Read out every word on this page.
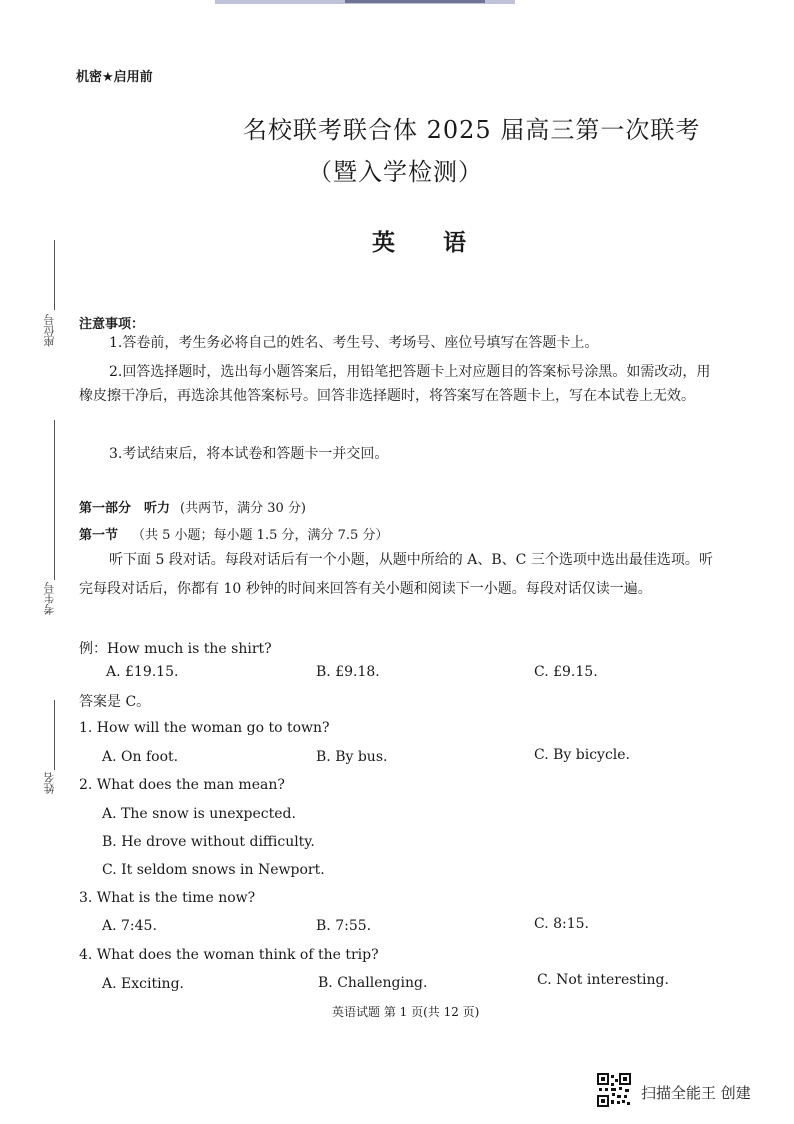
机密★启用前
名校联考联合体 2025 届高三第一次联考
（暨入学检测）
英 语
座位号
考生号
姓名
注意事项：
1.答卷前，考生务必将自己的姓名、考生号、考场号、座位号填写在答题卡上。
2.回答选择题时，选出每小题答案后，用铅笔把答题卡上对应题目的答案标号涂黑。如需改动，用橡皮擦干净后，再选涂其他答案标号。回答非选择题时，将答案写在答题卡上，写在本试卷上无效。
3.考试结束后，将本试卷和答题卡一并交回。
第一部分　听力 (共两节，满分 30 分)
第一节 （共 5 小题；每小题 1.5 分，满分 7.5 分）
听下面 5 段对话。每段对话后有一个小题，从题中所给的 A、B、C 三个选项中选出最佳选项。听完每段对话后，你都有 10 秒钟的时间来回答有关小题和阅读下一小题。每段对话仅读一遍。
例：How much is the shirt?
A. £19.15.	B. £9.18.	C. £9.15.
答案是 C。
1. How will the woman go to town?
A. On foot.	B. By bus.	C. By bicycle.
2. What does the man mean?
A. The snow is unexpected.
B. He drove without difficulty.
C. It seldom snows in Newport.
3. What is the time now?
A. 7:45.	B. 7:55.	C. 8:15.
4. What does the woman think of the trip?
A. Exciting.	B. Challenging.	C. Not interesting.
英语试题 第 1 页(共 12 页)
扫描全能王 创建
